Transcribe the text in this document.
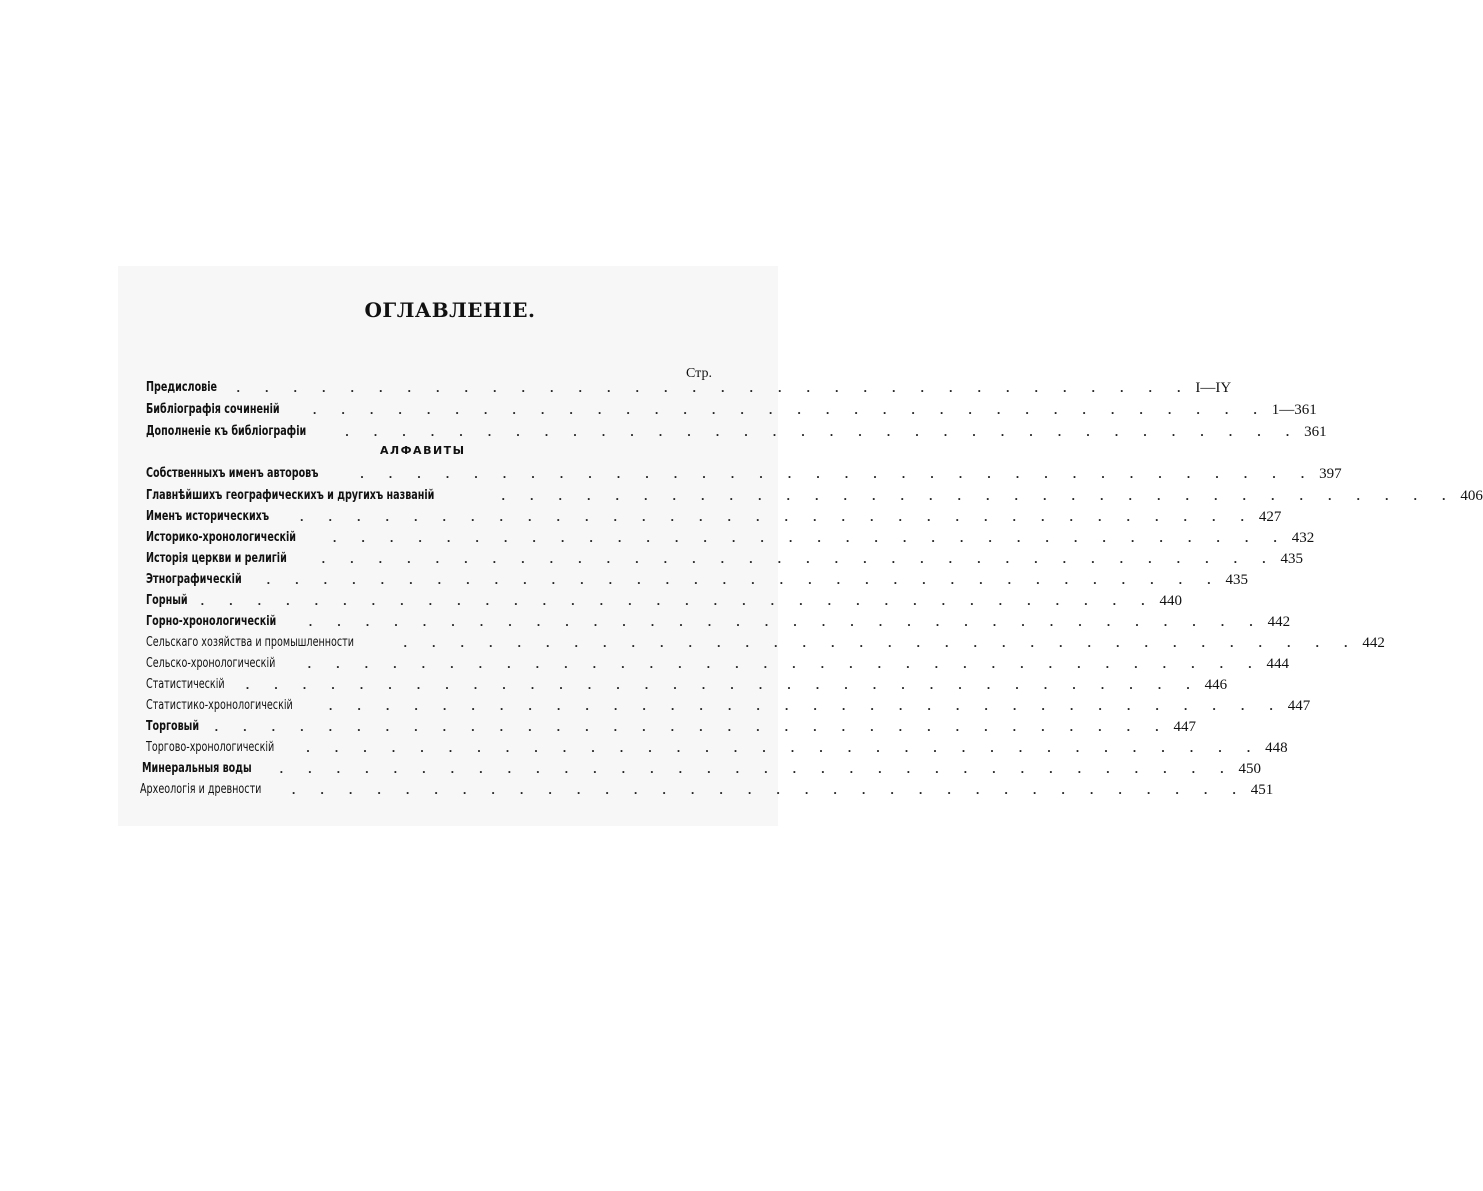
ОГЛАВЛЕНІЕ.
Стр.
АЛФАВИТЫ
Предисловіе . . . . . . . . . . . . . . . . . . . . . . . . . . . . . . . . . . I—IY
Библіографія сочиненій	. . . . . . . . . . . . . . . . . . . . . . . . . . . . . . . . . . 1—361
Дополненіе къ библіографіи	. . . . . . . . . . . . . . . . . . . . . . . . . . . . . . . . . . 361
Собственныхъ именъ авторовъ	. . . . . . . . . . . . . . . . . . . . . . . . . . . . . . . . . . 397
Главнѣйшихъ географическихъ и другихъ названій	. . . . . . . . . . . . . . . . . . . . . . . . . . . . . . . . . . 406
Именъ историческихъ . . . . . . . . . . . . . . . . . . . . . . . . . . . . . . . . . . 427
Историко-хронологическій	. . . . . . . . . . . . . . . . . . . . . . . . . . . . . . . . . . 432
Исторія церкви и религій	. . . . . . . . . . . . . . . . . . . . . . . . . . . . . . . . . . 435
Этнографическій . . . . . . . . . . . . . . . . . . . . . . . . . . . . . . . . . . 435
Горный . . . . . . . . . . . . . . . . . . . . . . . . . . . . . . . . . . 440
Горно-хронологическій	. . . . . . . . . . . . . . . . . . . . . . . . . . . . . . . . . . 442
Сельскаго хозяйства и промышленности	. . . . . . . . . . . . . . . . . . . . . . . . . . . . . . . . . . 442
Сельско-хронологическій . . . . . . . . . . . . . . . . . . . . . . . . . . . . . . . . . . 444
Статистическій . . . . . . . . . . . . . . . . . . . . . . . . . . . . . . . . . . 446
Статистико-хронологическій	. . . . . . . . . . . . . . . . . . . . . . . . . . . . . . . . . . 447
Торговый . . . . . . . . . . . . . . . . . . . . . . . . . . . . . . . . . . 447
Торгово-хронологическій . . . . . . . . . . . . . . . . . . . . . . . . . . . . . . . . . . 448
Минеральныя воды . . . . . . . . . . . . . . . . . . . . . . . . . . . . . . . . . . 450
Археологія и древности . . . . . . . . . . . . . . . . . . . . . . . . . . . . . . . . . . 451
